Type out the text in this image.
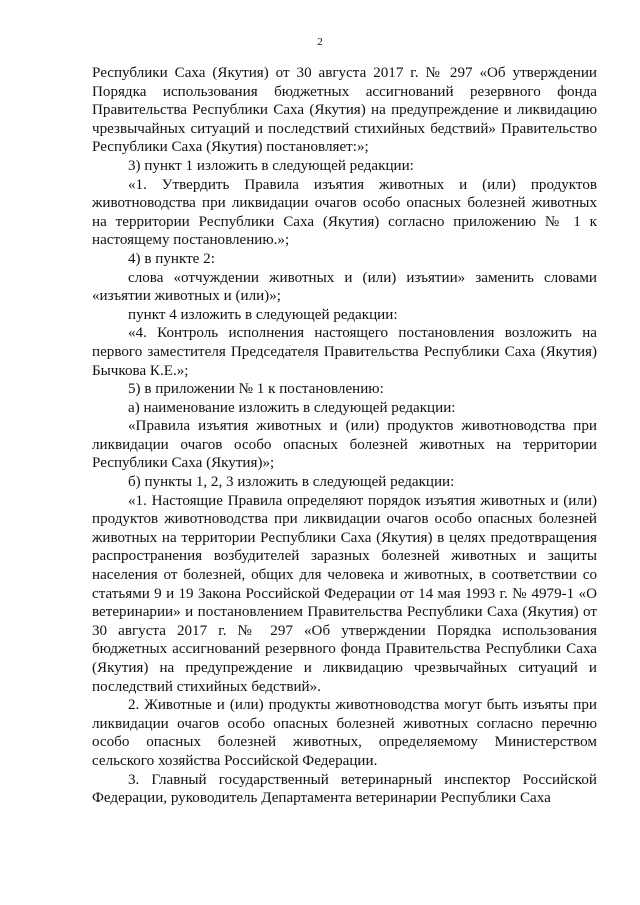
2

Республики Саха (Якутия) от 30 августа 2017 г. № 297 «Об утверждении Порядка использования бюджетных ассигнований резервного фонда Правительства Республики Саха (Якутия) на предупреждение и ликвидацию чрезвычайных ситуаций и последствий стихийных бедствий» Правительство Республики Саха (Якутия) постановляет:»;

3) пункт 1 изложить в следующей редакции:

«1. Утвердить Правила изъятия животных и (или) продуктов животноводства при ликвидации очагов особо опасных болезней животных на территории Республики Саха (Якутия) согласно приложению № 1 к настоящему постановлению.»;

4) в пункте 2:

слова «отчуждении животных и (или) изъятии» заменить словами «изъятии животных и (или)»;

пункт 4 изложить в следующей редакции:

«4. Контроль исполнения настоящего постановления возложить на первого заместителя Председателя Правительства Республики Саха (Якутия) Бычкова К.Е.»;

5) в приложении № 1 к постановлению:

а) наименование изложить в следующей редакции:

«Правила изъятия животных и (или) продуктов животноводства при ликвидации очагов особо опасных болезней животных на территории Республики Саха (Якутия)»;

б) пункты 1, 2, 3 изложить в следующей редакции:

«1. Настоящие Правила определяют порядок изъятия животных и (или) продуктов животноводства при ликвидации очагов особо опасных болезней животных на территории Республики Саха (Якутия) в целях предотвращения распространения возбудителей заразных болезней животных и защиты населения от болезней, общих для человека и животных, в соответствии со статьями 9 и 19 Закона Российской Федерации от 14 мая 1993 г. № 4979-1 «О ветеринарии» и постановлением Правительства Республики Саха (Якутия) от 30 августа 2017 г. № 297 «Об утверждении Порядка использования бюджетных ассигнований резервного фонда Правительства Республики Саха (Якутия) на предупреждение и ликвидацию чрезвычайных ситуаций и последствий стихийных бедствий».

2. Животные и (или) продукты животноводства могут быть изъяты при ликвидации очагов особо опасных болезней животных согласно перечню особо опасных болезней животных, определяемому Министерством сельского хозяйства Российской Федерации.

3. Главный государственный ветеринарный инспектор Российской Федерации, руководитель Департамента ветеринарии Республики Саха
